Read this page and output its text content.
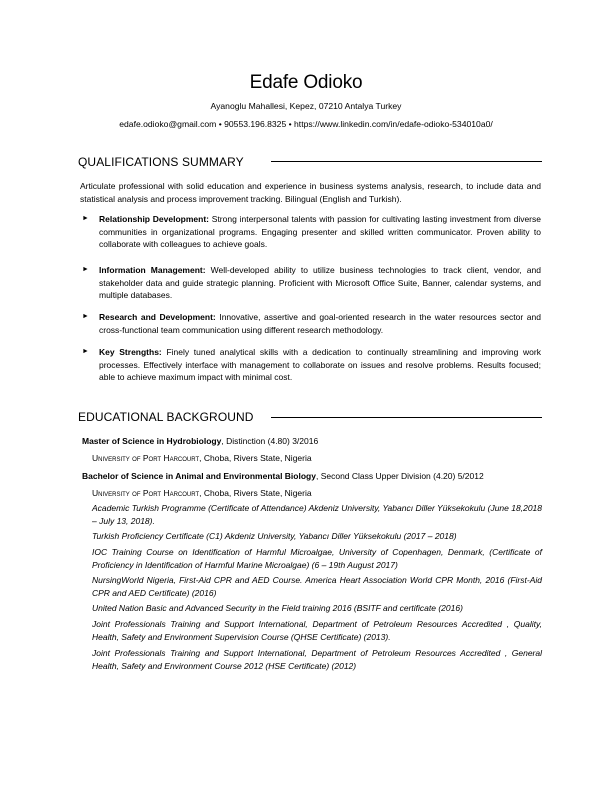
Edafe Odioko
Ayanoglu Mahallesi, Kepez, 07210 Antalya Turkey
edafe.odioko@gmail.com • 90553.196.8325 • https://www.linkedin.com/in/edafe-odioko-534010a0/
QUALIFICATIONS SUMMARY
Articulate professional with solid education and experience in business systems analysis, research, to include data and statistical analysis and process improvement tracking. Bilingual (English and Turkish).
► Relationship Development: Strong interpersonal talents with passion for cultivating lasting investment from diverse communities in organizational programs. Engaging presenter and skilled written communicator. Proven ability to collaborate with colleagues to achieve goals.
► Information Management: Well-developed ability to utilize business technologies to track client, vendor, and stakeholder data and guide strategic planning. Proficient with Microsoft Office Suite, Banner, calendar systems, and multiple databases.
► Research and Development: Innovative, assertive and goal-oriented research in the water resources sector and cross-functional team communication using different research methodology.
► Key Strengths: Finely tuned analytical skills with a dedication to continually streamlining and improving work processes. Effectively interface with management to collaborate on issues and resolve problems. Results focused; able to achieve maximum impact with minimal cost.
EDUCATIONAL BACKGROUND
Master of Science in Hydrobiology, Distinction (4.80) 3/2016
University of Port Harcourt, Choba, Rivers State, Nigeria
Bachelor of Science in Animal and Environmental Biology, Second Class Upper Division (4.20) 5/2012
University of Port Harcourt, Choba, Rivers State, Nigeria
Academic Turkish Programme (Certificate of Attendance) Akdeniz University, Yabancı Diller Yüksekokulu (June 18,2018 – July 13, 2018).
Turkish Proficiency Certificate (C1) Akdeniz University, Yabancı Diller Yüksekokulu (2017 – 2018)
IOC Training Course on Identification of Harmful Microalgae, University of Copenhagen, Denmark, (Certificate of Proficiency in Identification of Harmful Marine Microalgae) (6 – 19th August 2017)
NursingWorld Nigeria, First-Aid CPR and AED Course. America Heart Association World CPR Month, 2016 (First-Aid CPR and AED Certificate) (2016)
United Nation Basic and Advanced Security in the Field training 2016 (BSITF and certificate (2016)
Joint Professionals Training and Support International, Department of Petroleum Resources Accredited , Quality, Health, Safety and Environment Supervision Course (QHSE Certificate) (2013).
Joint Professionals Training and Support International, Department of Petroleum Resources Accredited , General Health, Safety and Environment Course 2012 (HSE Certificate) (2012)
